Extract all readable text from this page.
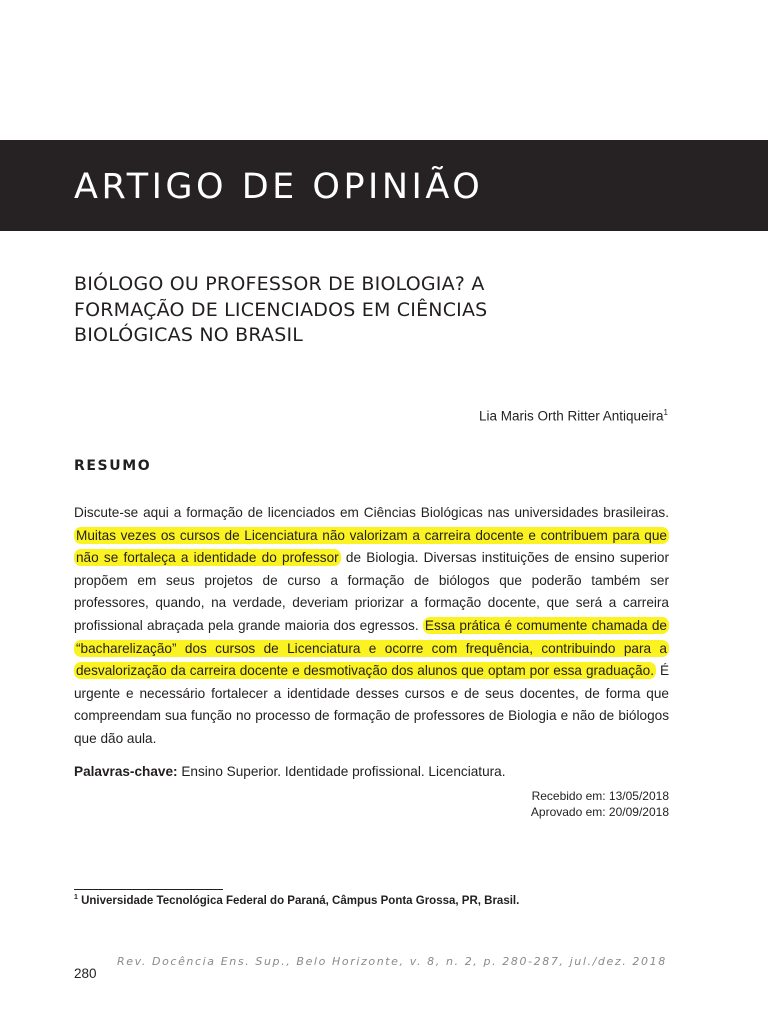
ARTIGO DE OPINIÃO
BIÓLOGO OU PROFESSOR DE BIOLOGIA? A
FORMAÇÃO DE LICENCIADOS EM CIÊNCIAS
BIOLÓGICAS NO BRASIL
Lia Maris Orth Ritter Antiqueira$^1$
RESUMO

Discute-se aqui a formação de licenciados em Ciências Biológicas nas universidades brasileiras. Muitas vezes os cursos de Licenciatura não valorizam a carreira docente e contribuem para que não se fortaleça a identidade do professor de Biologia. Diversas instituições de ensino superior propõem em seus projetos de curso a formação de biólogos que poderão também ser professores, quando, na verdade, deveriam priorizar a formação docente, que será a carreira profissional abraçada pela grande maioria dos egressos. Essa prática é comumente chamada de “bacharelização” dos cursos de Licenciatura e ocorre com frequência, contribuindo para a desvalorização da carreira docente e desmotivação dos alunos que optam por essa graduação. É urgente e necessário fortalecer a identidade desses cursos e de seus docentes, de forma que compreendam sua função no processo de formação de professores de Biologia e não de biólogos que dão aula.

Palavras-chave: Ensino Superior. Identidade profissional. Licenciatura.
Recebido em: 13/05/2018
Aprovado em: 20/09/2018
$^1$ Universidade Tecnológica Federal do Paraná, Câmpus Ponta Grossa, PR, Brasil.
Rev. Docência Ens. Sup., Belo Horizonte, v. 8, n. 2, p. 280-287, jul./dez. 2018
280
